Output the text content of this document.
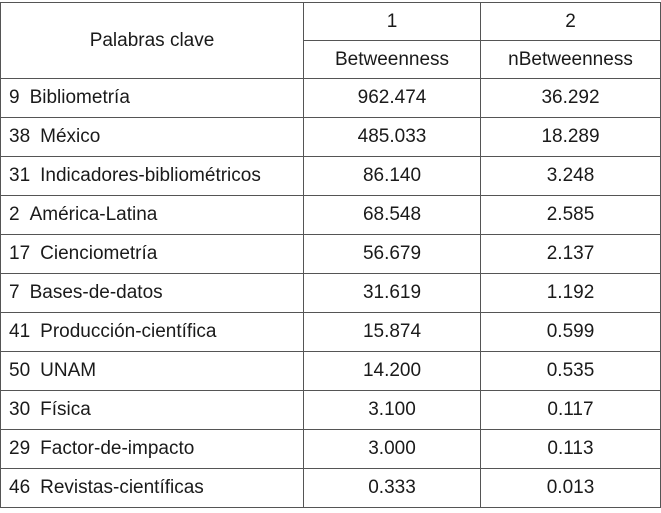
Palabras clave	1	2
	Betweenness	nBetweenness
9 Bibliometría	962.474	36.292
38 México	485.033	18.289
31 Indicadores-bibliométricos	86.140	3.248
2 América-Latina	68.548	2.585
17 Cienciometría	56.679	2.137
7 Bases-de-datos	31.619	1.192
41 Producción-científica	15.874	0.599
50 UNAM	14.200	0.535
30 Física	3.100	0.117
29 Factor-de-impacto	3.000	0.113
46 Revistas-científicas	0.333	0.013
